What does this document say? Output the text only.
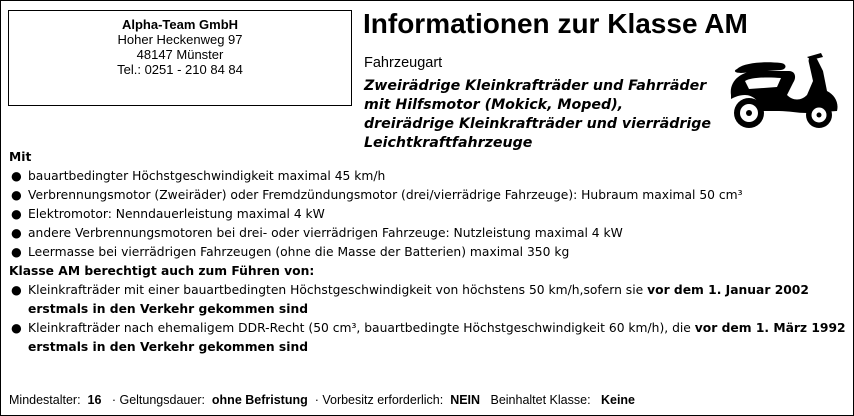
Alpha-Team GmbH
Hoher Heckenweg 97
48147 Münster
Tel.: 0251 - 210 84 84
Informationen zur Klasse AM
Fahrzeugart
Zweirädrige Kleinkrafträder und Fahrräder
mit Hilfsmotor (Mokick, Moped),
dreirädrige Kleinkrafträder und vierrädrige
Leichtkraftfahrzeuge
Mit
● bauartbedingter Höchstgeschwindigkeit maximal 45 km/h
● Verbrennungsmotor (Zweiräder) oder Fremdzündungsmotor (drei/vierrädrige Fahrzeuge): Hubraum maximal 50 cm³
● Elektromotor: Nenndauerleistung maximal 4 kW
● andere Verbrennungsmotoren bei drei- oder vierrädrigen Fahrzeuge: Nutzleistung maximal 4 kW
● Leermasse bei vierrädrigen Fahrzeugen (ohne die Masse der Batterien) maximal 350 kg
Klasse AM berechtigt auch zum Führen von:
● Kleinkrafträder mit einer bauartbedingten Höchstgeschwindigkeit von höchstens 50 km/h,sofern sie vor dem 1. Januar 2002 erstmals in den Verkehr gekommen sind
● Kleinkrafträder nach ehemaligem DDR-Recht (50 cm³, bauartbedingte Höchstgeschwindigkeit 60 km/h), die vor dem 1. März 1992 erstmals in den Verkehr gekommen sind
Mindestalter: 16 · Geltungsdauer: ohne Befristung · Vorbesitz erforderlich: NEIN Beinhaltet Klasse: Keine
